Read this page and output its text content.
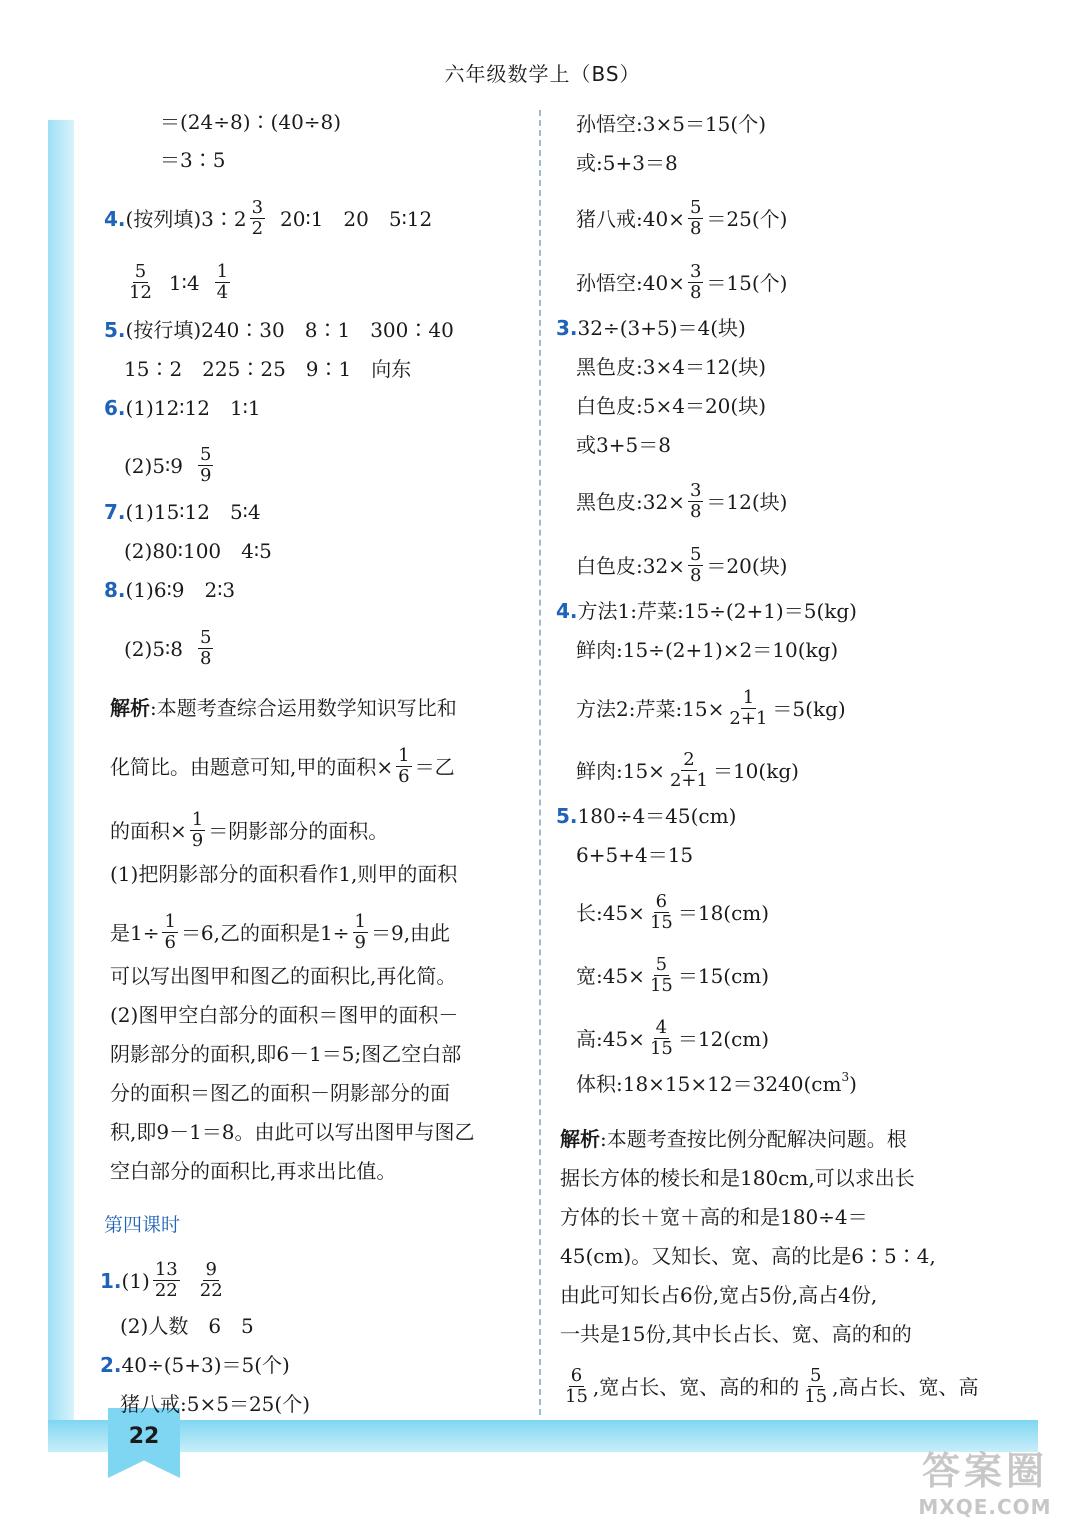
22
答案圈
MXQE.COM
六年级数学上（BS）
＝(24÷8)∶(40÷8)
＝3∶5
4. (按列填)3∶2 $\frac{3}{2}$ 20∶1　20　5∶12
$\frac{5}{12}$ 1∶4 $\frac{1}{4}$
5. (按行填)240∶30　8∶1　300∶40
15∶2　225∶25　9∶1　向东
6. (1)12∶12　1∶1
(2)5∶9 $\frac{5}{9}$
7. (1)15∶12　5∶4
(2)80∶100　4∶5
8. (1)6∶9　2∶3
(2)5∶8 $\frac{5}{8}$
解析 :本题考查综合运用数学知识写比和
化简比。由题意可知,甲的面积× $\frac{1}{6}$ ＝乙
的面积× $\frac{1}{9}$ ＝阴影部分的面积。
(1)把阴影部分的面积看作1,则甲的面积
是$1\div \frac{1}{6} =6$,乙的面积是$1\div \frac{1}{9} =9$,由此
可以写出图甲和图乙的面积比,再化简。
(2)图甲空白部分的面积＝图甲的面积－
阴影部分的面积,即6－1＝5;图乙空白部
分的面积＝图乙的面积－阴影部分的面
积,即9－1＝8。由此可以写出图甲与图乙
空白部分的面积比,再求出比值。
第四课时
1. $(1) \frac{13}{22} \frac{9}{22}$
(2)人数　6　5
2. 40÷(5+3)＝5(个)
猪八戒:5×5＝25(个)
孙悟空:3×5＝15(个)
或:5+3＝8
猪八戒:40× $\frac{5}{8} =25$(个)
孙悟空:40× $\frac{3}{8} =15$(个)
3. 32÷(3+5)＝4(块)
黑色皮:3×4＝12(块)
白色皮:5×4＝20(块)
或3+5＝8
黑色皮:32× $\frac{3}{8} =12$(块)
白色皮:32× $\frac{5}{8} =20$(块)
4. 方法1:芹菜:15÷(2+1)＝5(kg)
鲜肉:15÷(2+1)×2＝10(kg)
方法2:芹菜:15× $\frac{1}{2+1} =5(kg)$
鲜肉:15× $\frac{2}{2+1} =10(kg)$
5. 180÷4＝45(cm)
6+5+4＝15
长:45× $\frac{6}{15} =18(cm)$
宽:45× $\frac{5}{15} =15(cm)$
高:45× $\frac{4}{15} =12(cm)$
体积:18×15×12＝3240(cm 3 )
解析 :本题考查按比例分配解决问题。根
据长方体的棱长和是180cm,可以求出长
方体的长＋宽＋高的和是180÷4＝
45(cm)。又知长、宽、高的比是6∶5∶4,
由此可知长占6份,宽占5份,高占4份,
一共是15份,其中长占长、宽、高的和的
$\frac{6}{15}$ ,宽占长、宽、高的和的 $\frac{5}{15}$ ,高占长、宽、高
